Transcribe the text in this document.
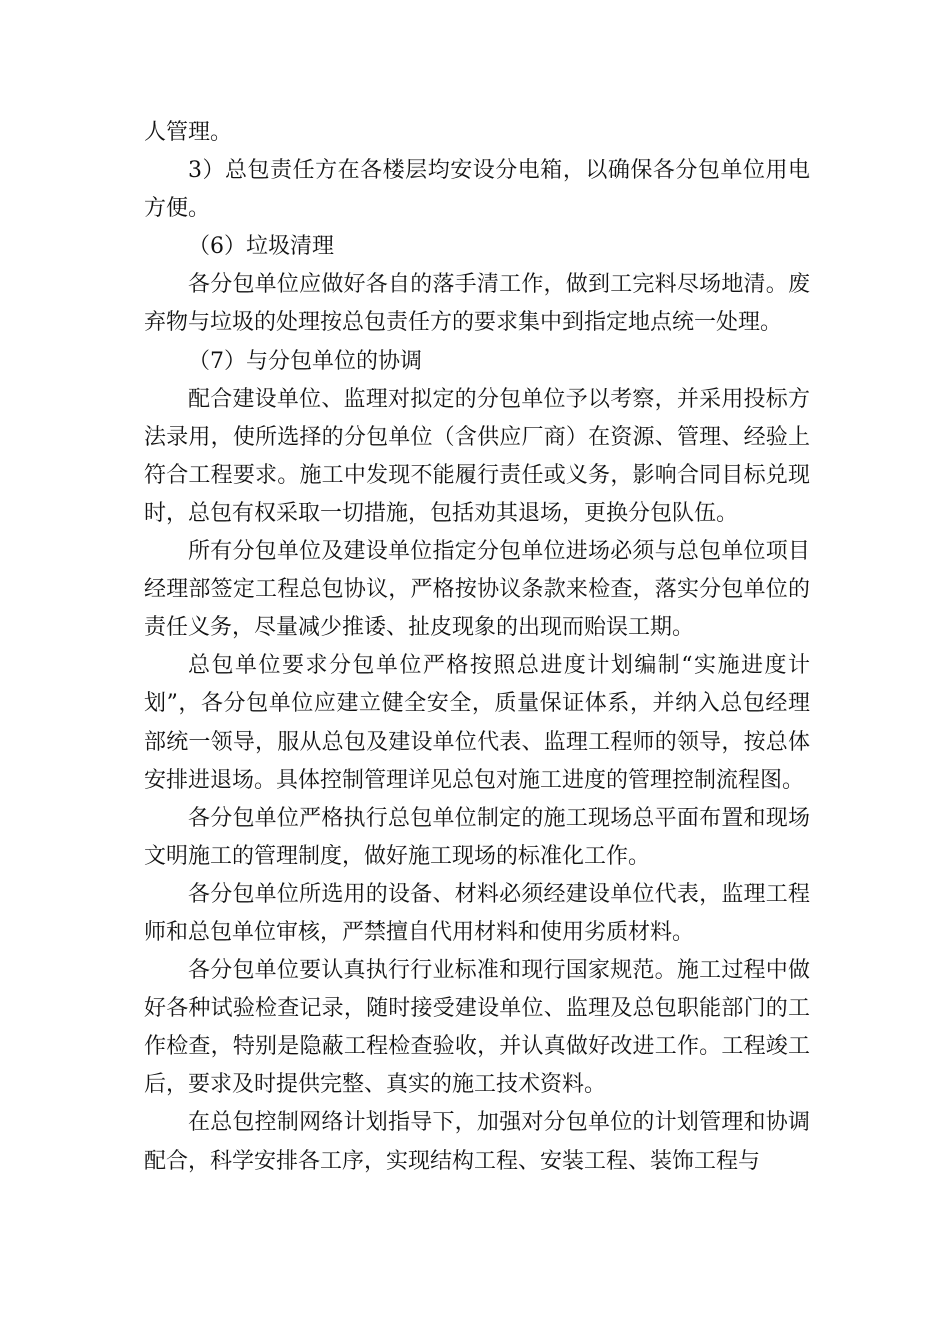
人管理。

3）总包责任方在各楼层均安设分电箱，以确保各分包单位用电方便。

（6）垃圾清理

各分包单位应做好各自的落手清工作，做到工完料尽场地清。废弃物与垃圾的处理按总包责任方的要求集中到指定地点统一处理。

（7）与分包单位的协调

配合建设单位、监理对拟定的分包单位予以考察，并采用投标方法录用，使所选择的分包单位（含供应厂商）在资源、管理、经验上符合工程要求。施工中发现不能履行责任或义务，影响合同目标兑现时，总包有权采取一切措施，包括劝其退场，更换分包队伍。

所有分包单位及建设单位指定分包单位进场必须与总包单位项目经理部签定工程总包协议，严格按协议条款来检查，落实分包单位的责任义务，尽量减少推诿、扯皮现象的出现而贻误工期。

总包单位要求分包单位严格按照总进度计划编制“实施进度计划”，各分包单位应建立健全安全，质量保证体系，并纳入总包经理部统一领导，服从总包及建设单位代表、监理工程师的领导，按总体安排进退场。具体控制管理详见总包对施工进度的管理控制流程图。

各分包单位严格执行总包单位制定的施工现场总平面布置和现场文明施工的管理制度，做好施工现场的标准化工作。

各分包单位所选用的设备、材料必须经建设单位代表，监理工程师和总包单位审核，严禁擅自代用材料和使用劣质材料。

各分包单位要认真执行行业标准和现行国家规范。施工过程中做好各种试验检查记录，随时接受建设单位、监理及总包职能部门的工作检查，特别是隐蔽工程检查验收，并认真做好改进工作。工程竣工后，要求及时提供完整、真实的施工技术资料。

在总包控制网络计划指导下，加强对分包单位的计划管理和协调配合，科学安排各工序，实现结构工程、安装工程、装饰工程与
